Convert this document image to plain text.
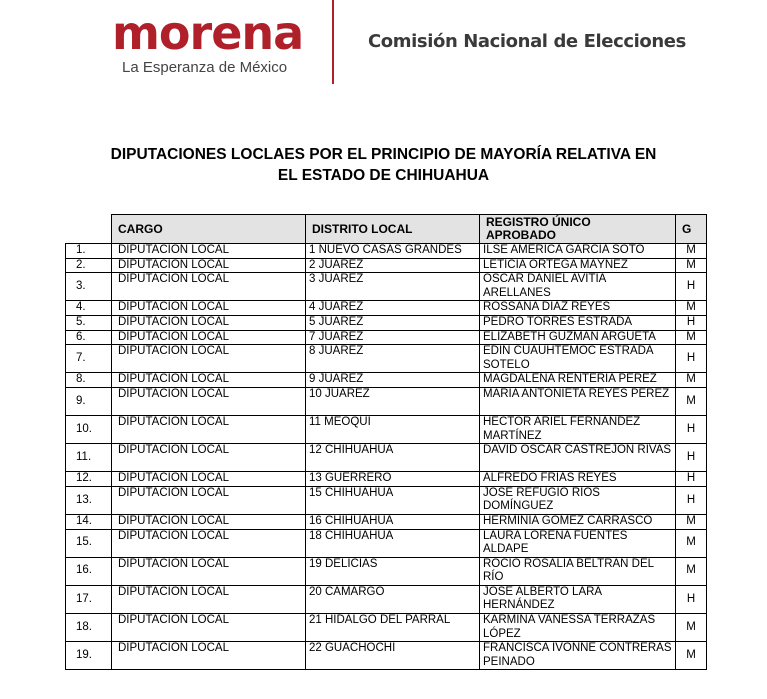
morena
La Esperanza de México
Comisión Nacional de Elecciones
DIPUTACIONES LOCLAES POR EL PRINCIPIO DE MAYORÍA RELATIVA EN
EL ESTADO DE CHIHUAHUA
	CARGO	DISTRITO LOCAL	REGISTRO ÚNICO
APROBADO	G
1.	DIPUTACIÓN LOCAL	1 NUEVO CASAS GRANDES	ILSE AMÉRICA GARCÍA SOTO	M
2.	DIPUTACIÓN LOCAL	2 JUÁREZ	LETICIA ORTEGA MÁYNEZ	M
3.	DIPUTACIÓN LOCAL	3 JUÁREZ	OSCAR DANIEL AVITIA ARELLANES	H
4.	DIPUTACIÓN LOCAL	4 JUÁREZ	ROSSANA DIAZ REYES	M
5.	DIPUTACIÓN LOCAL	5 JUÁREZ	PEDRO TORRES ESTRADA	H
6.	DIPUTACIÓN LOCAL	7 JUÁREZ	ELIZABETH GUZMÁN ARGUETA	M
7.	DIPUTACIÓN LOCAL	8 JUÁREZ	EDIN CUAUHTÉMOC ESTRADA SOTELO	H
8.	DIPUTACIÓN LOCAL	9 JUÁREZ	MAGDALENA RENTERÍA PÉREZ	M
9.	DIPUTACIÓN LOCAL	10 JUÁREZ	MARÍA ANTONIETA REYES PEREZ	M
10.	DIPUTACIÓN LOCAL	11 MEOQUI	HÉCTOR ARIEL FERNÁNDEZ MARTÍNEZ	H
11.	DIPUTACIÓN LOCAL	12 CHIHUAHUA	DAVID OSCAR CASTREJON RIVAS	H
12.	DIPUTACIÓN LOCAL	13 GUERRERO	ALFREDO FRIAS REYES	H
13.	DIPUTACIÓN LOCAL	15 CHIHUAHUA	JOSÉ REFUGIO RIOS DOMÍNGUEZ	H
14.	DIPUTACIÓN LOCAL	16 CHIHUAHUA	HERMINIA GÓMEZ CARRASCO	M
15.	DIPUTACIÓN LOCAL	18 CHIHUAHUA	LAURA LORENA FUENTES ALDAPE	M
16.	DIPUTACIÓN LOCAL	19 DELICIAS	ROCIO ROSALÍA BELTRÁN DEL RÍO	M
17.	DIPUTACIÓN LOCAL	20 CAMARGO	JOSÉ ALBERTO LARA HERNÁNDEZ	H
18.	DIPUTACIÓN LOCAL	21 HIDALGO DEL PARRAL	KARMINA VANESSA TERRAZAS LÓPEZ	M
19.	DIPUTACIÓN LOCAL	22 GUACHOCHI	FRANCISCA IVONNE CONTRERAS PEINADO	M
